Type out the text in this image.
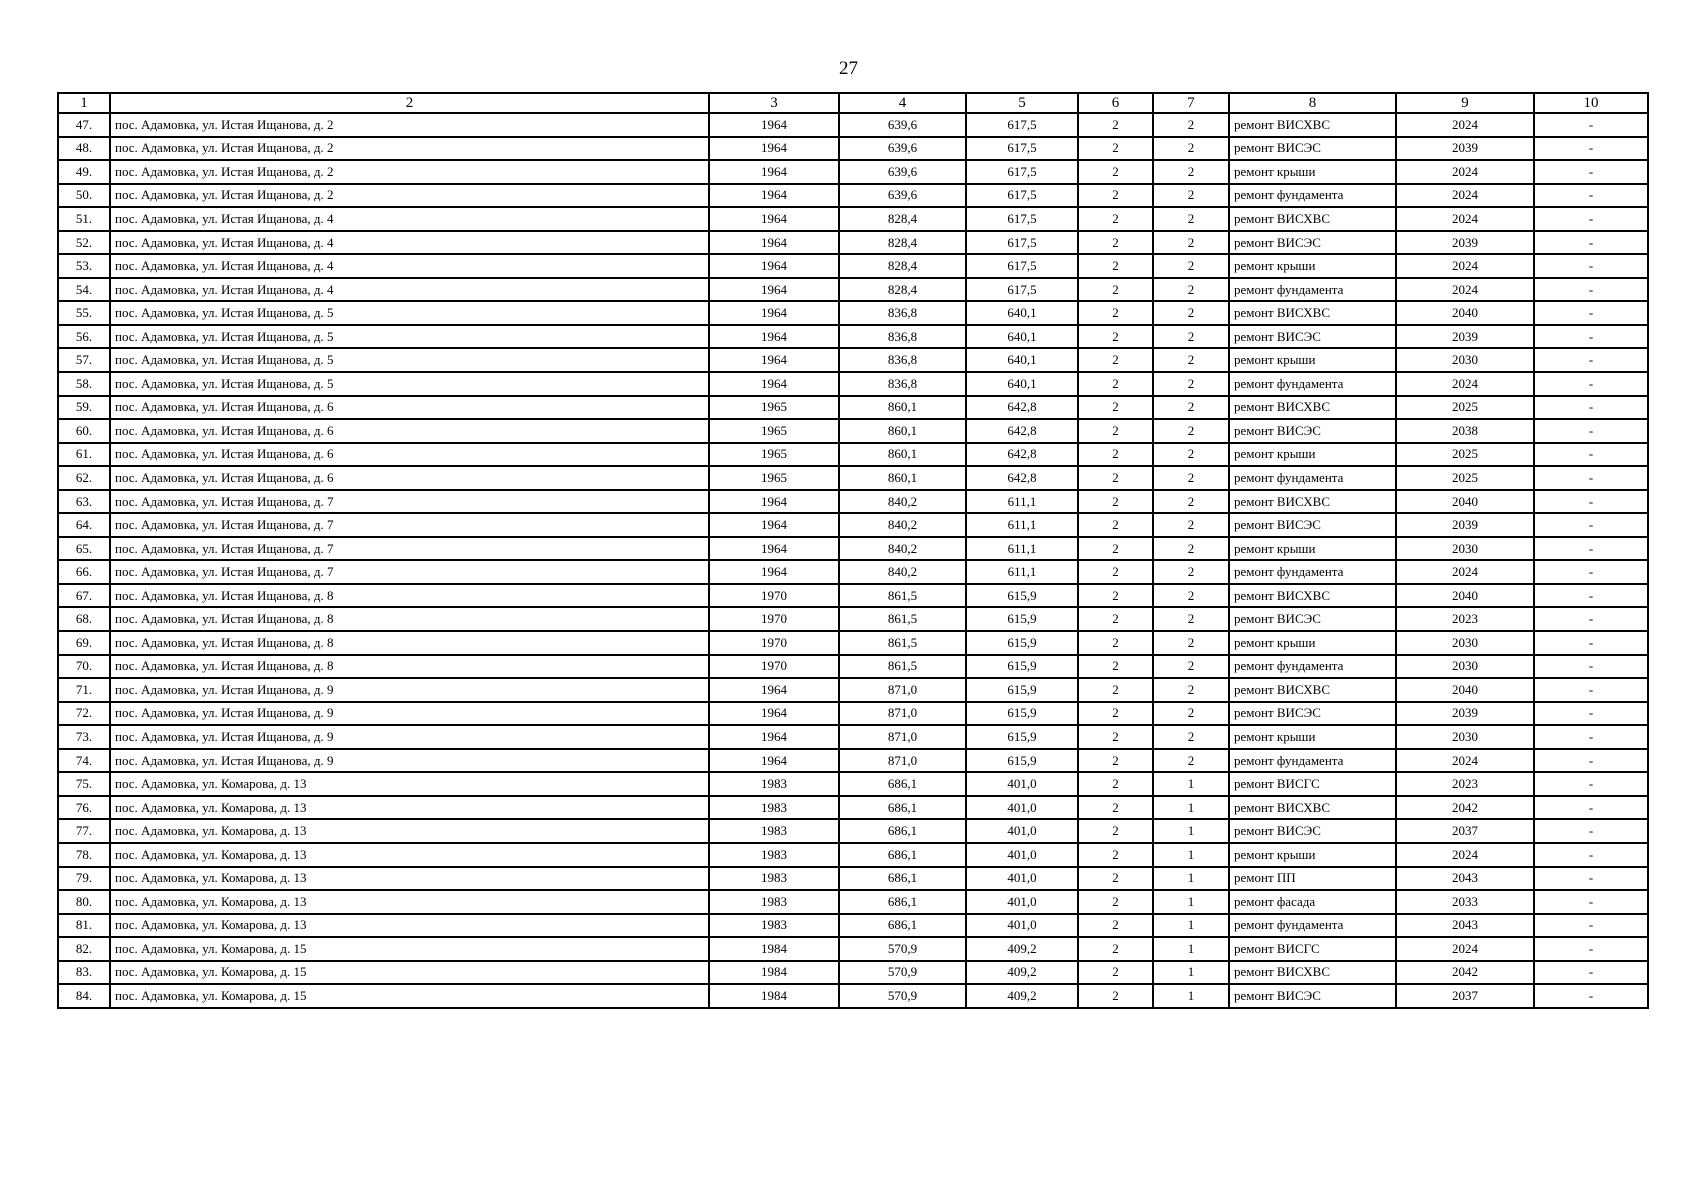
27
1	2	3	4	5	6	7	8	9	10
47.	пос. Адамовка, ул. Истая Ищанова, д. 2	1964	639,6	617,5	2	2	ремонт ВИСХВС	2024	-
48.	пос. Адамовка, ул. Истая Ищанова, д. 2	1964	639,6	617,5	2	2	ремонт ВИСЭС	2039	-
49.	пос. Адамовка, ул. Истая Ищанова, д. 2	1964	639,6	617,5	2	2	ремонт крыши	2024	-
50.	пос. Адамовка, ул. Истая Ищанова, д. 2	1964	639,6	617,5	2	2	ремонт фундамента	2024	-
51.	пос. Адамовка, ул. Истая Ищанова, д. 4	1964	828,4	617,5	2	2	ремонт ВИСХВС	2024	-
52.	пос. Адамовка, ул. Истая Ищанова, д. 4	1964	828,4	617,5	2	2	ремонт ВИСЭС	2039	-
53.	пос. Адамовка, ул. Истая Ищанова, д. 4	1964	828,4	617,5	2	2	ремонт крыши	2024	-
54.	пос. Адамовка, ул. Истая Ищанова, д. 4	1964	828,4	617,5	2	2	ремонт фундамента	2024	-
55.	пос. Адамовка, ул. Истая Ищанова, д. 5	1964	836,8	640,1	2	2	ремонт ВИСХВС	2040	-
56.	пос. Адамовка, ул. Истая Ищанова, д. 5	1964	836,8	640,1	2	2	ремонт ВИСЭС	2039	-
57.	пос. Адамовка, ул. Истая Ищанова, д. 5	1964	836,8	640,1	2	2	ремонт крыши	2030	-
58.	пос. Адамовка, ул. Истая Ищанова, д. 5	1964	836,8	640,1	2	2	ремонт фундамента	2024	-
59.	пос. Адамовка, ул. Истая Ищанова, д. 6	1965	860,1	642,8	2	2	ремонт ВИСХВС	2025	-
60.	пос. Адамовка, ул. Истая Ищанова, д. 6	1965	860,1	642,8	2	2	ремонт ВИСЭС	2038	-
61.	пос. Адамовка, ул. Истая Ищанова, д. 6	1965	860,1	642,8	2	2	ремонт крыши	2025	-
62.	пос. Адамовка, ул. Истая Ищанова, д. 6	1965	860,1	642,8	2	2	ремонт фундамента	2025	-
63.	пос. Адамовка, ул. Истая Ищанова, д. 7	1964	840,2	611,1	2	2	ремонт ВИСХВС	2040	-
64.	пос. Адамовка, ул. Истая Ищанова, д. 7	1964	840,2	611,1	2	2	ремонт ВИСЭС	2039	-
65.	пос. Адамовка, ул. Истая Ищанова, д. 7	1964	840,2	611,1	2	2	ремонт крыши	2030	-
66.	пос. Адамовка, ул. Истая Ищанова, д. 7	1964	840,2	611,1	2	2	ремонт фундамента	2024	-
67.	пос. Адамовка, ул. Истая Ищанова, д. 8	1970	861,5	615,9	2	2	ремонт ВИСХВС	2040	-
68.	пос. Адамовка, ул. Истая Ищанова, д. 8	1970	861,5	615,9	2	2	ремонт ВИСЭС	2023	-
69.	пос. Адамовка, ул. Истая Ищанова, д. 8	1970	861,5	615,9	2	2	ремонт крыши	2030	-
70.	пос. Адамовка, ул. Истая Ищанова, д. 8	1970	861,5	615,9	2	2	ремонт фундамента	2030	-
71.	пос. Адамовка, ул. Истая Ищанова, д. 9	1964	871,0	615,9	2	2	ремонт ВИСХВС	2040	-
72.	пос. Адамовка, ул. Истая Ищанова, д. 9	1964	871,0	615,9	2	2	ремонт ВИСЭС	2039	-
73.	пос. Адамовка, ул. Истая Ищанова, д. 9	1964	871,0	615,9	2	2	ремонт крыши	2030	-
74.	пос. Адамовка, ул. Истая Ищанова, д. 9	1964	871,0	615,9	2	2	ремонт фундамента	2024	-
75.	пос. Адамовка, ул. Комарова, д. 13	1983	686,1	401,0	2	1	ремонт ВИСГС	2023	-
76.	пос. Адамовка, ул. Комарова, д. 13	1983	686,1	401,0	2	1	ремонт ВИСХВС	2042	-
77.	пос. Адамовка, ул. Комарова, д. 13	1983	686,1	401,0	2	1	ремонт ВИСЭС	2037	-
78.	пос. Адамовка, ул. Комарова, д. 13	1983	686,1	401,0	2	1	ремонт крыши	2024	-
79.	пос. Адамовка, ул. Комарова, д. 13	1983	686,1	401,0	2	1	ремонт ПП	2043	-
80.	пос. Адамовка, ул. Комарова, д. 13	1983	686,1	401,0	2	1	ремонт фасада	2033	-
81.	пос. Адамовка, ул. Комарова, д. 13	1983	686,1	401,0	2	1	ремонт фундамента	2043	-
82.	пос. Адамовка, ул. Комарова, д. 15	1984	570,9	409,2	2	1	ремонт ВИСГС	2024	-
83.	пос. Адамовка, ул. Комарова, д. 15	1984	570,9	409,2	2	1	ремонт ВИСХВС	2042	-
84.	пос. Адамовка, ул. Комарова, д. 15	1984	570,9	409,2	2	1	ремонт ВИСЭС	2037	-
